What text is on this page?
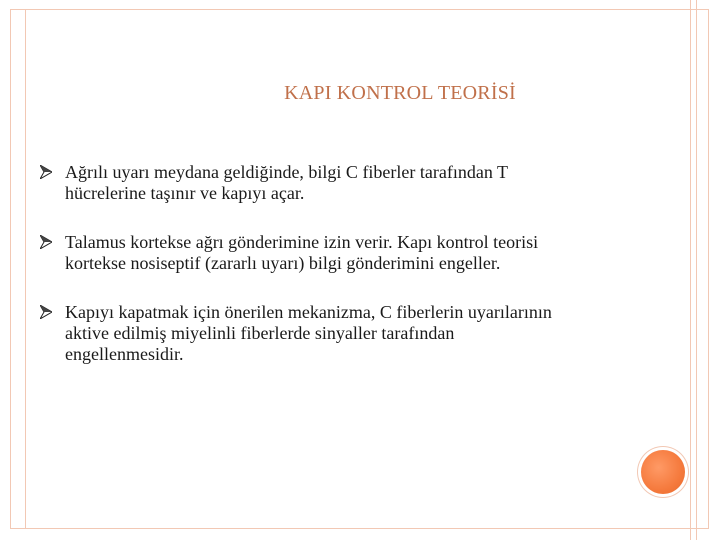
KAPI KONTROL TEORİSİ
Ağrılı uyarı meydana geldiğinde, bilgi C fiberler tarafından T
hücrelerine taşınır ve kapıyı açar.
Talamus kortekse ağrı gönderimine izin verir. Kapı kontrol teorisi
kortekse nosiseptif (zararlı uyarı) bilgi gönderimini engeller.
Kapıyı kapatmak için önerilen mekanizma, C fiberlerin uyarılarının
aktive edilmiş miyelinli fiberlerde sinyaller tarafından
engellenmesidir.
